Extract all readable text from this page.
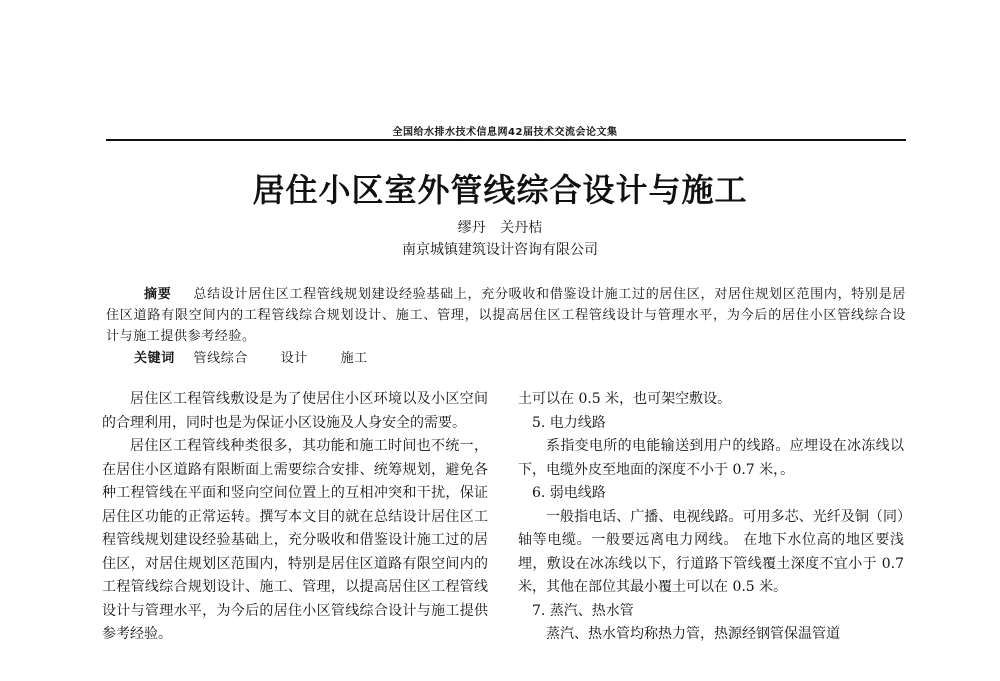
全国给水排水技术信息网42届技术交流会论文集
居住小区室外管线综合设计与施工
缪丹 关丹桔
南京城镇建筑设计咨询有限公司
摘要 总结设计居住区工程管线规划建设经验基础上，充分吸收和借鉴设计施工过的居住区，对居住规划区范围内，特别是居住区道路有限空间内的工程管线综合规划设计、施工、管理，以提高居住区工程管线设计与管理水平，为今后的居住小区管线综合设计与施工提供参考经验。
关键词 管线综合	设计	施工

居住区工程管线敷设是为了使居住小区环境以及小区空间的合理利用，同时也是为保证小区设施及人身安全的需要。

居住区工程管线种类很多，其功能和施工时间也不统一，在居住小区道路有限断面上需要综合安排、统筹规划，避免各种工程管线在平面和竖向空间位置上的互相冲突和干扰，保证居住区功能的正常运转。撰写本文目的就在总结设计居住区工程管线规划建设经验基础上，充分吸收和借鉴设计施工过的居住区，对居住规划区范围内，特别是居住区道路有限空间内的工程管线综合规划设计、施工、管理，以提高居住区工程管线设计与管理水平，为今后的居住小区管线综合设计与施工提供参考经验。

土可以在 0.5 米，也可架空敷设。

5. 电力线路

系指变电所的电能输送到用户的线路。应埋设在冰冻线以下，电缆外皮至地面的深度不小于 0.7 米，。

6. 弱电线路

一般指电话、广播、电视线路。可用多芯、光纤及铜（同）轴等电缆。一般要远离电力网线。 在地下水位高的地区要浅埋，敷设在冰冻线以下，行道路下管线覆土深度不宜小于 0.7 米，其他在部位其最小覆土可以在 0.5 米。

7. 蒸汽、热水管

蒸汽、热水管均称热力管，热源经钢管保温管道
